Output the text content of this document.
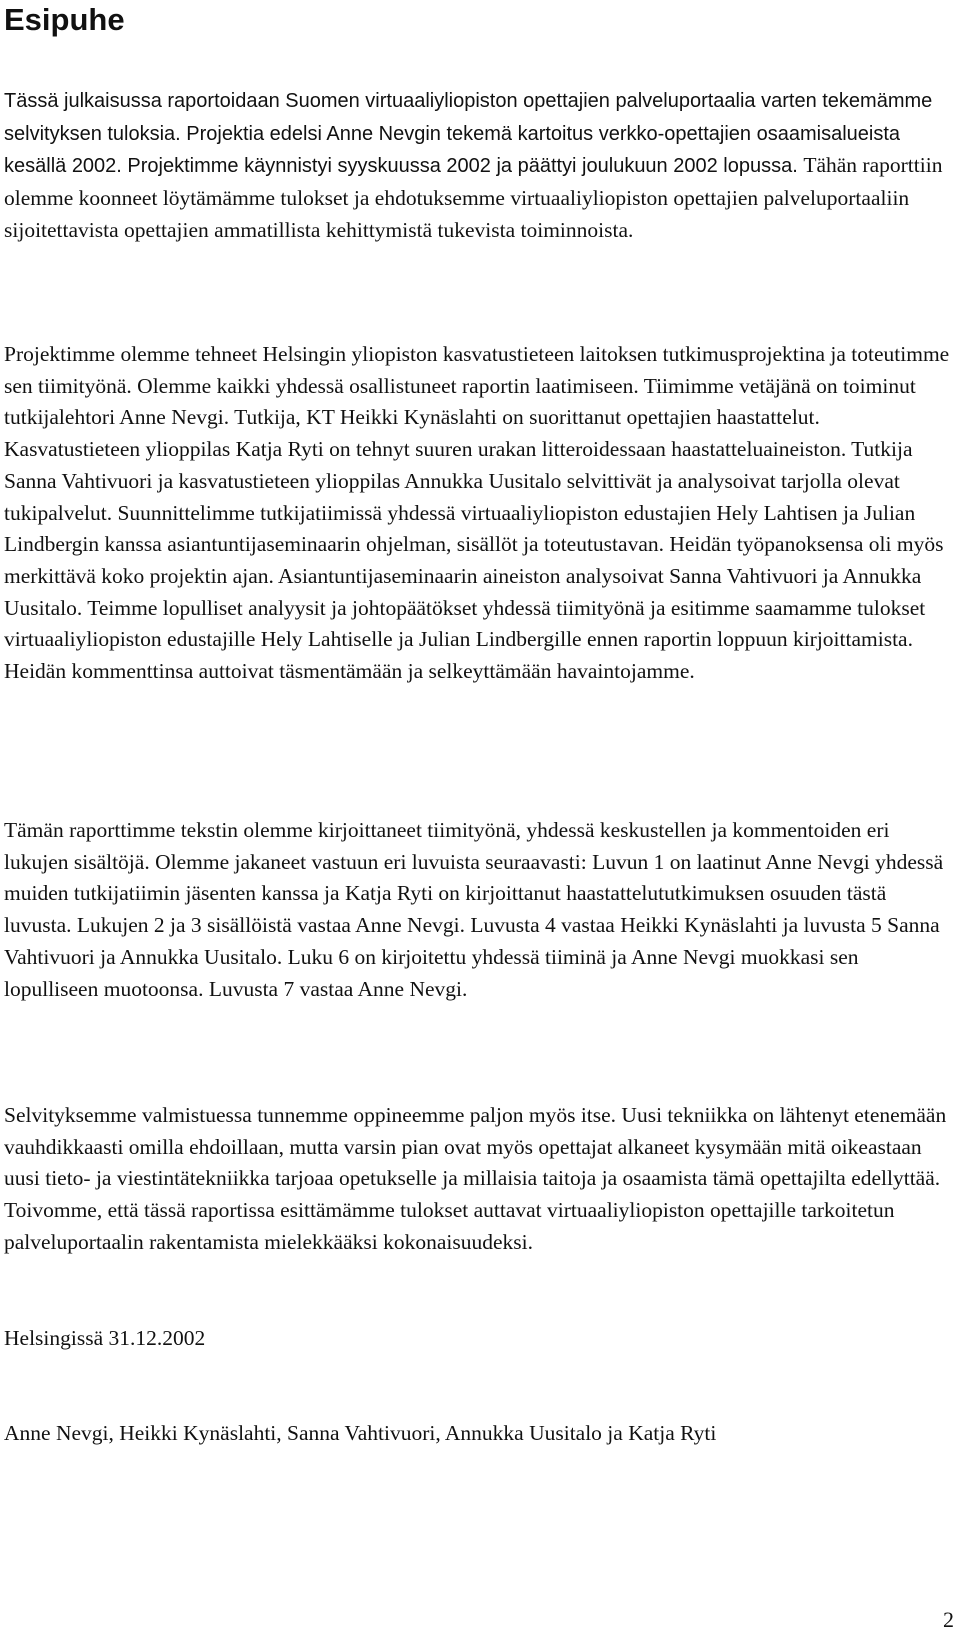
Esipuhe

Tässä julkaisussa raportoidaan Suomen virtuaaliyliopiston opettajien palveluportaalia varten tekemämme selvityksen tuloksia. Projektia edelsi Anne Nevgin tekemä kartoitus verkko-opettajien osaamisalueista kesällä 2002. Projektimme käynnistyi syyskuussa 2002 ja päättyi joulukuun 2002 lopussa. Tähän raporttiin olemme koonneet löytämämme tulokset ja ehdotuksemme virtuaaliyliopiston opettajien palveluportaaliin sijoitettavista opettajien ammatillista kehittymistä tukevista toiminnoista.

Projektimme olemme tehneet Helsingin yliopiston kasvatustieteen laitoksen tutkimusprojektina ja toteutimme sen tiimityönä. Olemme kaikki yhdessä osallistuneet raportin laatimiseen. Tiimimme vetäjänä on toiminut tutkijalehtori Anne Nevgi. Tutkija, KT Heikki Kynäslahti on suorittanut opettajien haastattelut. Kasvatustieteen ylioppilas Katja Ryti on tehnyt suuren urakan litteroidessaan haastatteluaineiston. Tutkija Sanna Vahtivuori ja kasvatustieteen ylioppilas Annukka Uusitalo selvittivät ja analysoivat tarjolla olevat tukipalvelut. Suunnittelimme tutkijatiimissä yhdessä virtuaaliyliopiston edustajien Hely Lahtisen ja Julian Lindbergin kanssa asiantuntijaseminaarin ohjelman, sisällöt ja toteutustavan. Heidän työpanoksensa oli myös merkittävä koko projektin ajan. Asiantuntijaseminaarin aineiston analysoivat Sanna Vahtivuori ja Annukka Uusitalo. Teimme lopulliset analyysit ja johtopäätökset yhdessä tiimityönä ja esitimme saamamme tulokset virtuaaliyliopiston edustajille Hely Lahtiselle ja Julian Lindbergille ennen raportin loppuun kirjoittamista. Heidän kommenttinsa auttoivat täsmentämään ja selkeyttämään havaintojamme.

Tämän raporttimme tekstin olemme kirjoittaneet tiimityönä, yhdessä keskustellen ja kommentoiden eri lukujen sisältöjä. Olemme jakaneet vastuun eri luvuista seuraavasti: Luvun 1 on laatinut Anne Nevgi yhdessä muiden tutkijatiimin jäsenten kanssa ja Katja Ryti on kirjoittanut haastattelututkimuksen osuuden tästä luvusta. Lukujen 2 ja 3 sisällöistä vastaa Anne Nevgi. Luvusta 4 vastaa Heikki Kynäslahti ja luvusta 5 Sanna Vahtivuori ja Annukka Uusitalo. Luku 6 on kirjoitettu yhdessä tiiminä ja Anne Nevgi muokkasi sen lopulliseen muotoonsa. Luvusta 7 vastaa Anne Nevgi.

Selvityksemme valmistuessa tunnemme oppineemme paljon myös itse. Uusi tekniikka on lähtenyt etenemään vauhdikkaasti omilla ehdoillaan, mutta varsin pian ovat myös opettajat alkaneet kysymään mitä oikeastaan uusi tieto- ja viestintätekniikka tarjoaa opetukselle ja millaisia taitoja ja osaamista tämä opettajilta edellyttää. Toivomme, että tässä raportissa esittämämme tulokset auttavat virtuaaliyliopiston opettajille tarkoitetun palveluportaalin rakentamista mielekkääksi kokonaisuudeksi.

Helsingissä 31.12.2002

Anne Nevgi, Heikki Kynäslahti, Sanna Vahtivuori, Annukka Uusitalo ja Katja Ryti

2
